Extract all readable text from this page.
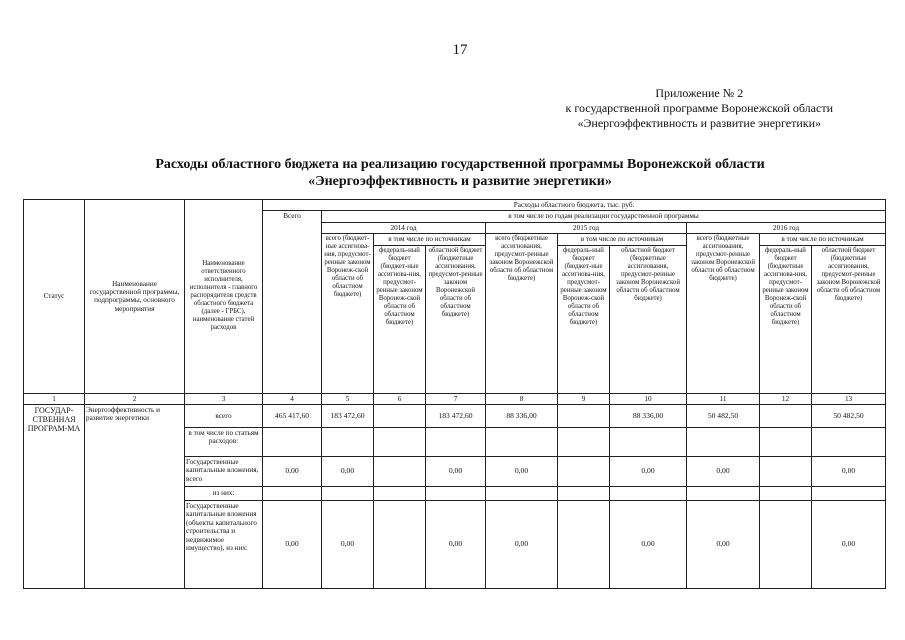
17
Приложение № 2
к государственной программе Воронежской области
«Энергоэффективность и развитие энергетики»
Расходы областного бюджета на реализацию государственной программы Воронежской области
«Энергоэффективность и развитие энергетики»
Статус	Наименование государственной программы, подпрограммы, основного мероприятия	Наименование ответственного исполнителя, исполнителя - главного распорядителя средств областного бюджета (далее - ГРБС), наименование статей расходов	Расходы областного бюджета, тыс. руб.									
			Всего	в том числе по годам реализации государственной программы								
				2014 год			2015 год			2016 год		
				всего (бюджет-ные ассигнова-ния, предусмот-ренные законом Воронеж-ской области об областном бюджете)	в том числе по источникам		всего (бюджетные ассигнования, предусмот-ренные законом Воронежской области об областном бюджете)	в том числе по источникам		всего (бюджетные ассигнования, предусмот-ренные законом Воронежской области об областном бюджете)	в том числе по источникам	
					федераль-ный бюджет (бюджет-ные ассигнова-ния, предусмот-ренные законом Воронеж-ской области об областном бюджете)	областной бюджет (бюджетные ассигнования, предусмот-ренные законом Воронежской области об областном бюджете)		федераль-ный бюджет (бюджет-ные ассигнова-ния, предусмот-ренные законом Воронеж-ской области об областном бюджете)	областной бюджет (бюджетные ассигнования, предусмот-ренные законом Воронежской области об областном бюджете)		федераль-ный бюджет (бюджетные ассигнова-ния, предусмот-ренные законом Воронеж-ской области об областном бюджете)	областной бюджет (бюджетные ассигнования, предусмот-ренные законом Воронежской области об областном бюджете)
1	2	3	4	5	6	7	8	9	10	11	12	13
ГОСУДАР-СТВЕННАЯ ПРОГРАМ-МА	Энергоэффективность и развитие энергетики	всего	465 417,60	183 472,60		183 472,60	88 336,00		88 336,00	50 482,50		50 482,50
		в том числе по статьям расходов:										
		Государственные капитальные вложения, всего	0,00	0,00		0,00	0,00		0,00	0,00		0,00
		из них:										
		Государственные капитальные вложения (объекты капитального строительства и недвижимое имущество), из них:	0,00	0,00		0,00	0,00		0,00	0,00		0,00
